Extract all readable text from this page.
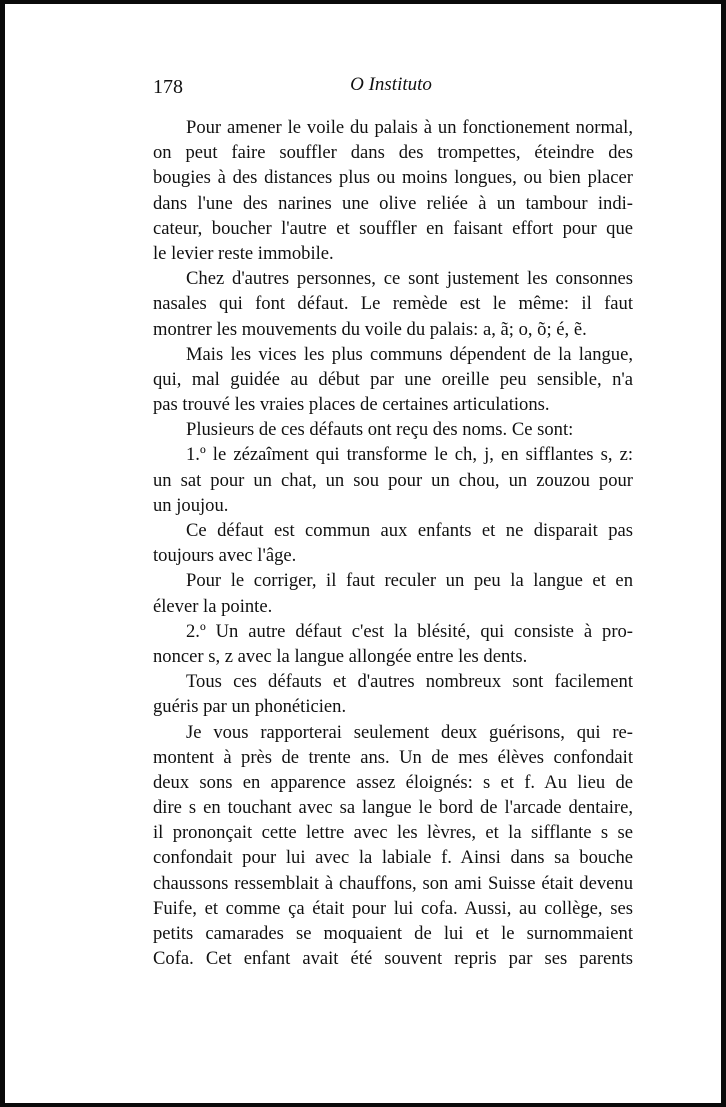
178	O Instituto
Pour amener le voile du palais à un fonctionement normal,
on peut faire souffler dans des trompettes, éteindre des
bougies à des distances plus ou moins longues, ou bien placer
dans l'une des narines une olive reliée à un tambour indi-
cateur, boucher l'autre et souffler en faisant effort pour que
le levier reste immobile.
Chez d'autres personnes, ce sont justement les consonnes
nasales qui font défaut. Le remède est le même: il faut
montrer les mouvements du voile du palais: a, ã; o, õ; é, ẽ.
Mais les vices les plus communs dépendent de la langue,
qui, mal guidée au début par une oreille peu sensible, n'a
pas trouvé les vraies places de certaines articulations.
Plusieurs de ces défauts ont reçu des noms. Ce sont:
1.º le zézaîment qui transforme le ch, j, en sifflantes s, z:
un sat pour un chat, un sou pour un chou, un zouzou pour
un joujou.
Ce défaut est commun aux enfants et ne disparait pas
toujours avec l'âge.
Pour le corriger, il faut reculer un peu la langue et en
élever la pointe.
2.º Un autre défaut c'est la blésité, qui consiste à pro-
noncer s, z avec la langue allongée entre les dents.
Tous ces défauts et d'autres nombreux sont facilement
guéris par un phonéticien.
Je vous rapporterai seulement deux guérisons, qui re-
montent à près de trente ans. Un de mes élèves confondait
deux sons en apparence assez éloignés: s et f. Au lieu de
dire s en touchant avec sa langue le bord de l'arcade dentaire,
il prononçait cette lettre avec les lèvres, et la sifflante s se
confondait pour lui avec la labiale f. Ainsi dans sa bouche
chaussons ressemblait à chauffons, son ami Suisse était devenu
Fuife, et comme ça était pour lui cofa. Aussi, au collège, ses
petits camarades se moquaient de lui et le surnommaient
Cofa. Cet enfant avait été souvent repris par ses parents
